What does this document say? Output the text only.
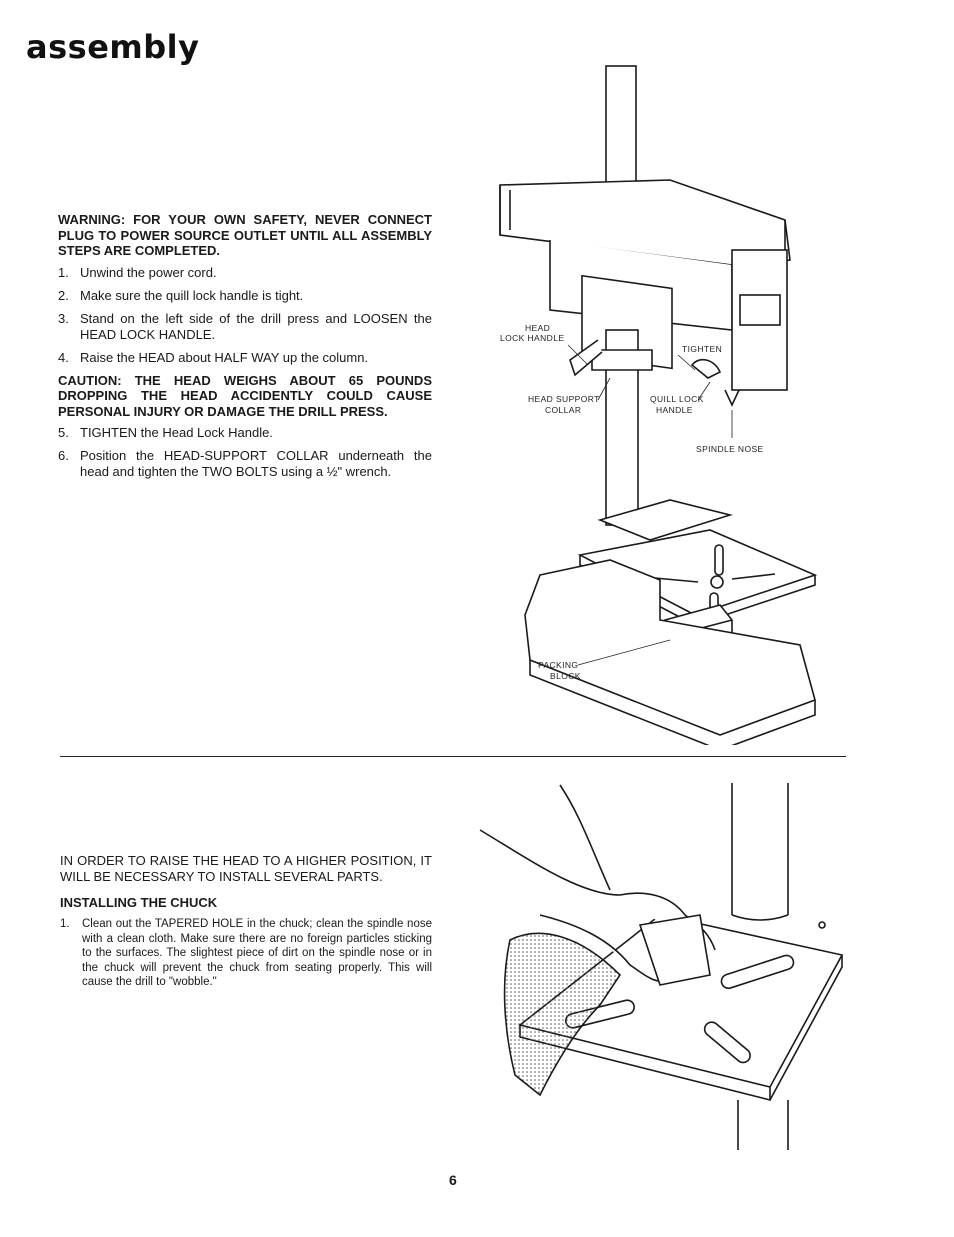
assembly

WARNING: FOR YOUR OWN SAFETY, NEVER CONNECT PLUG TO POWER SOURCE OUTLET UNTIL ALL ASSEMBLY STEPS ARE COMPLETED.

1. Unwind the power cord.
2. Make sure the quill lock handle is tight.
3. Stand on the left side of the drill press and LOOSEN the HEAD LOCK HANDLE.
4. Raise the HEAD about HALF WAY up the column.

CAUTION: THE HEAD WEIGHS ABOUT 65 POUNDS DROPPING THE HEAD ACCIDENTLY COULD CAUSE PERSONAL INJURY OR DAMAGE THE DRILL PRESS.

5. TIGHTEN the Head Lock Handle.
6. Position the HEAD-SUPPORT COLLAR underneath the head and tighten the TWO BOLTS using a ½" wrench.
HEAD
LOCK HANDLE
TIGHTEN
HEAD SUPPORT
COLLAR
QUILL LOCK
HANDLE
SPINDLE NOSE
PACKING
BLOCK

IN ORDER TO RAISE THE HEAD TO A HIGHER POSITION, IT WILL BE NECESSARY TO INSTALL SEVERAL PARTS.

INSTALLING THE CHUCK

1. Clean out the TAPERED HOLE in the chuck; clean the spindle nose with a clean cloth. Make sure there are no foreign particles sticking to the surfaces. The slightest piece of dirt on the spindle nose or in the chuck will prevent the chuck from seating properly. This will cause the drill to "wobble."
6
